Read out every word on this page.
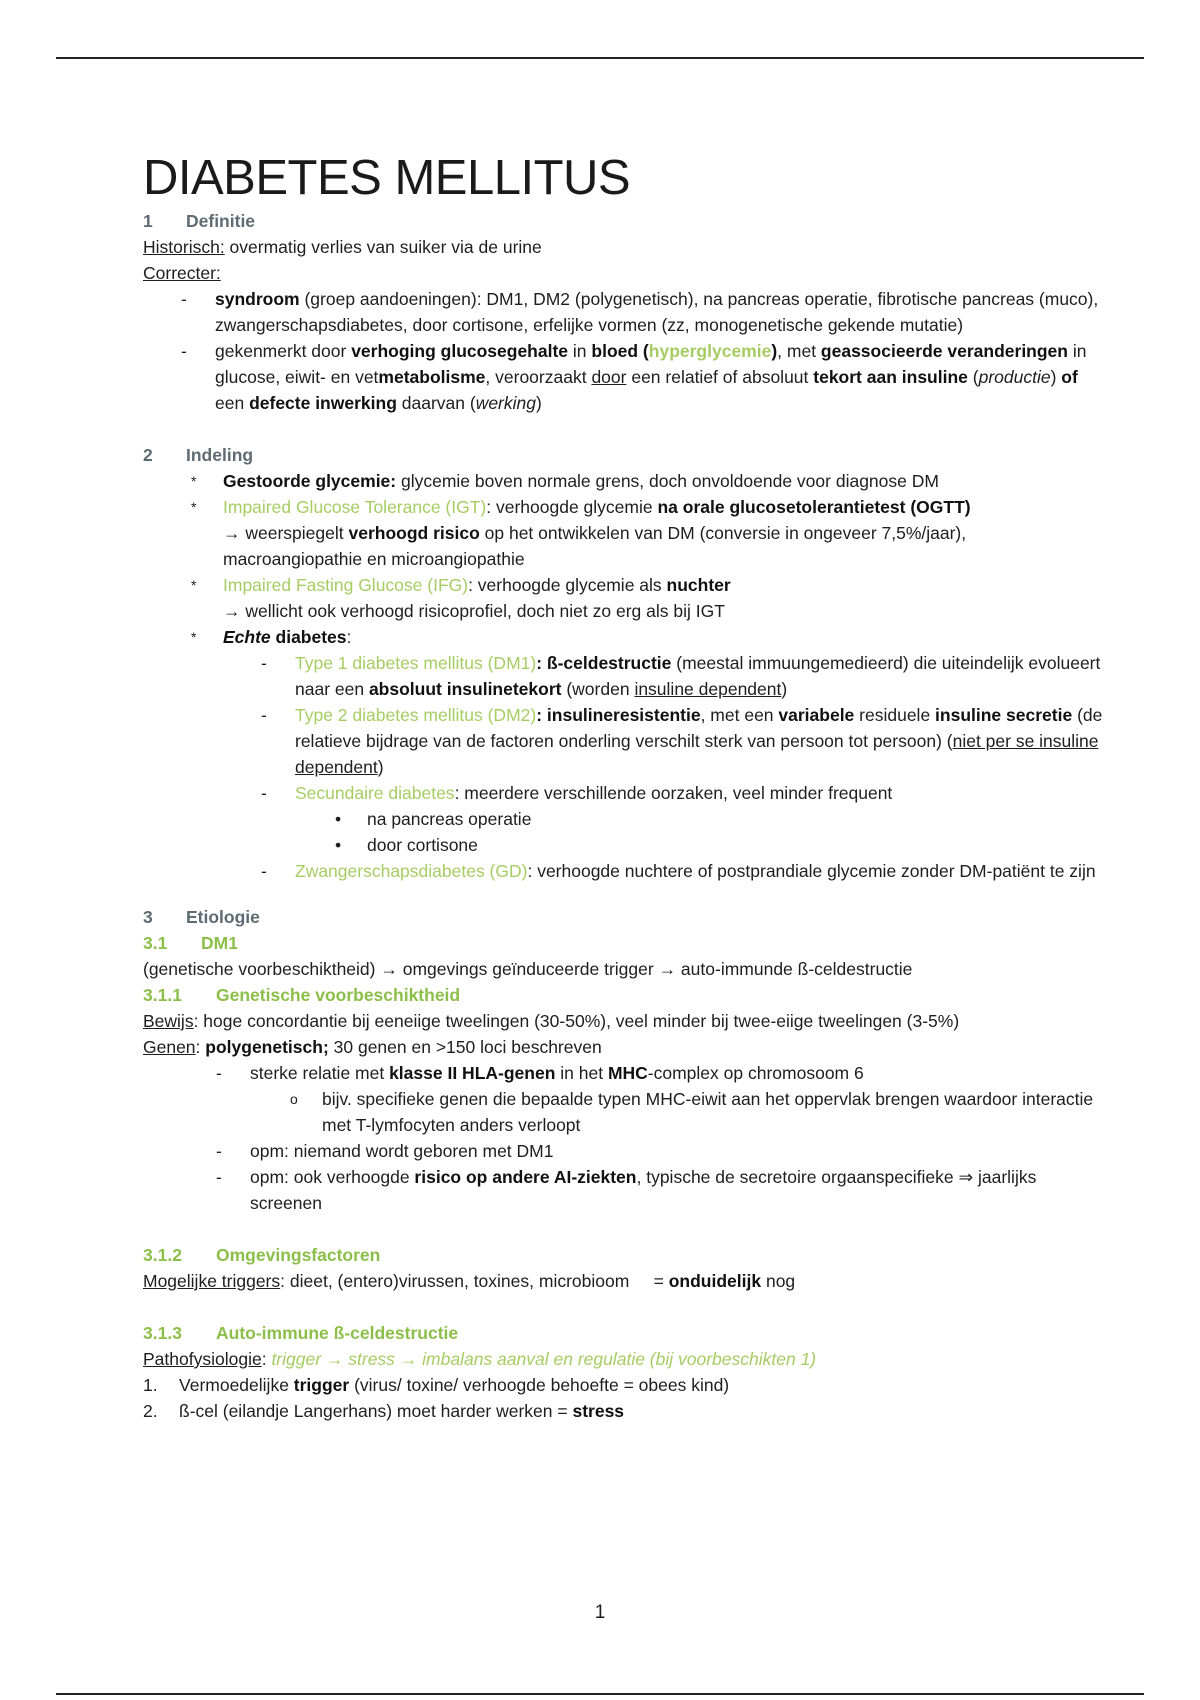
DIABETES MELLITUS

1 Definitie

Historisch: overmatig verlies van suiker via de urine

Correcter:

- syndroom (groep aandoeningen): DM1, DM2 (polygenetisch), na pancreas operatie, fibrotische pancreas (muco), zwangerschapsdiabetes, door cortisone, erfelijke vormen (zz, monogenetische gekende mutatie)
- gekenmerkt door verhoging glucosegehalte in bloed (hyperglycemie), met geassocieerde veranderingen in glucose, eiwit- en vetmetabolisme, veroorzaakt door een relatief of absoluut tekort aan insuline (productie) of een defecte inwerking daarvan (werking)

2 Indeling

* Gestoorde glycemie: glycemie boven normale grens, doch onvoldoende voor diagnose DM
* Impaired Glucose Tolerance (IGT): verhoogde glycemie na orale glucosetolerantietest (OGTT)
→ weerspiegelt verhoogd risico op het ontwikkelen van DM (conversie in ongeveer 7,5%/jaar), macroangiopathie en microangiopathie
* Impaired Fasting Glucose (IFG): verhoogde glycemie als nuchter
→ wellicht ook verhoogd risicoprofiel, doch niet zo erg als bij IGT
* Echte diabetes:
- Type 1 diabetes mellitus (DM1): ß-celdestructie (meestal immuungemedieerd) die uiteindelijk evolueert naar een absoluut insulinetekort (worden insuline dependent)
- Type 2 diabetes mellitus (DM2): insulineresistentie, met een variabele residuele insuline secretie (de relatieve bijdrage van de factoren onderling verschilt sterk van persoon tot persoon) (niet per se insuline dependent)
- Secundaire diabetes: meerdere verschillende oorzaken, veel minder frequent
• na pancreas operatie
• door cortisone
- Zwangerschapsdiabetes (GD): verhoogde nuchtere of postprandiale glycemie zonder DM-patiënt te zijn

3 Etiologie

3.1 DM1

(genetische voorbeschiktheid) → omgevings geïnduceerde trigger → auto-immunde ß-celdestructie

3.1.1 Genetische voorbeschiktheid

Bewijs: hoge concordantie bij eeneiige tweelingen (30-50%), veel minder bij twee-eiige tweelingen (3-5%)

Genen: polygenetisch; 30 genen en >150 loci beschreven

- sterke relatie met klasse II HLA-genen in het MHC-complex op chromosoom 6
o bijv. specifieke genen die bepaalde typen MHC-eiwit aan het oppervlak brengen waardoor interactie met T-lymfocyten anders verloopt
- opm: niemand wordt geboren met DM1
- opm: ook verhoogde risico op andere AI-ziekten, typische de secretoire orgaanspecifieke ⇒ jaarlijks screenen

3.1.2 Omgevingsfactoren

Mogelijke triggers: dieet, (entero)virussen, toxines, microbioom     = onduidelijk nog

3.1.3 Auto-immune ß-celdestructie

Pathofysiologie: trigger → stress → imbalans aanval en regulatie (bij voorbeschikten 1)

1. Vermoedelijke trigger (virus/ toxine/ verhoogde behoefte = obees kind)
2. ß-cel (eilandje Langerhans) moet harder werken = stress
1
